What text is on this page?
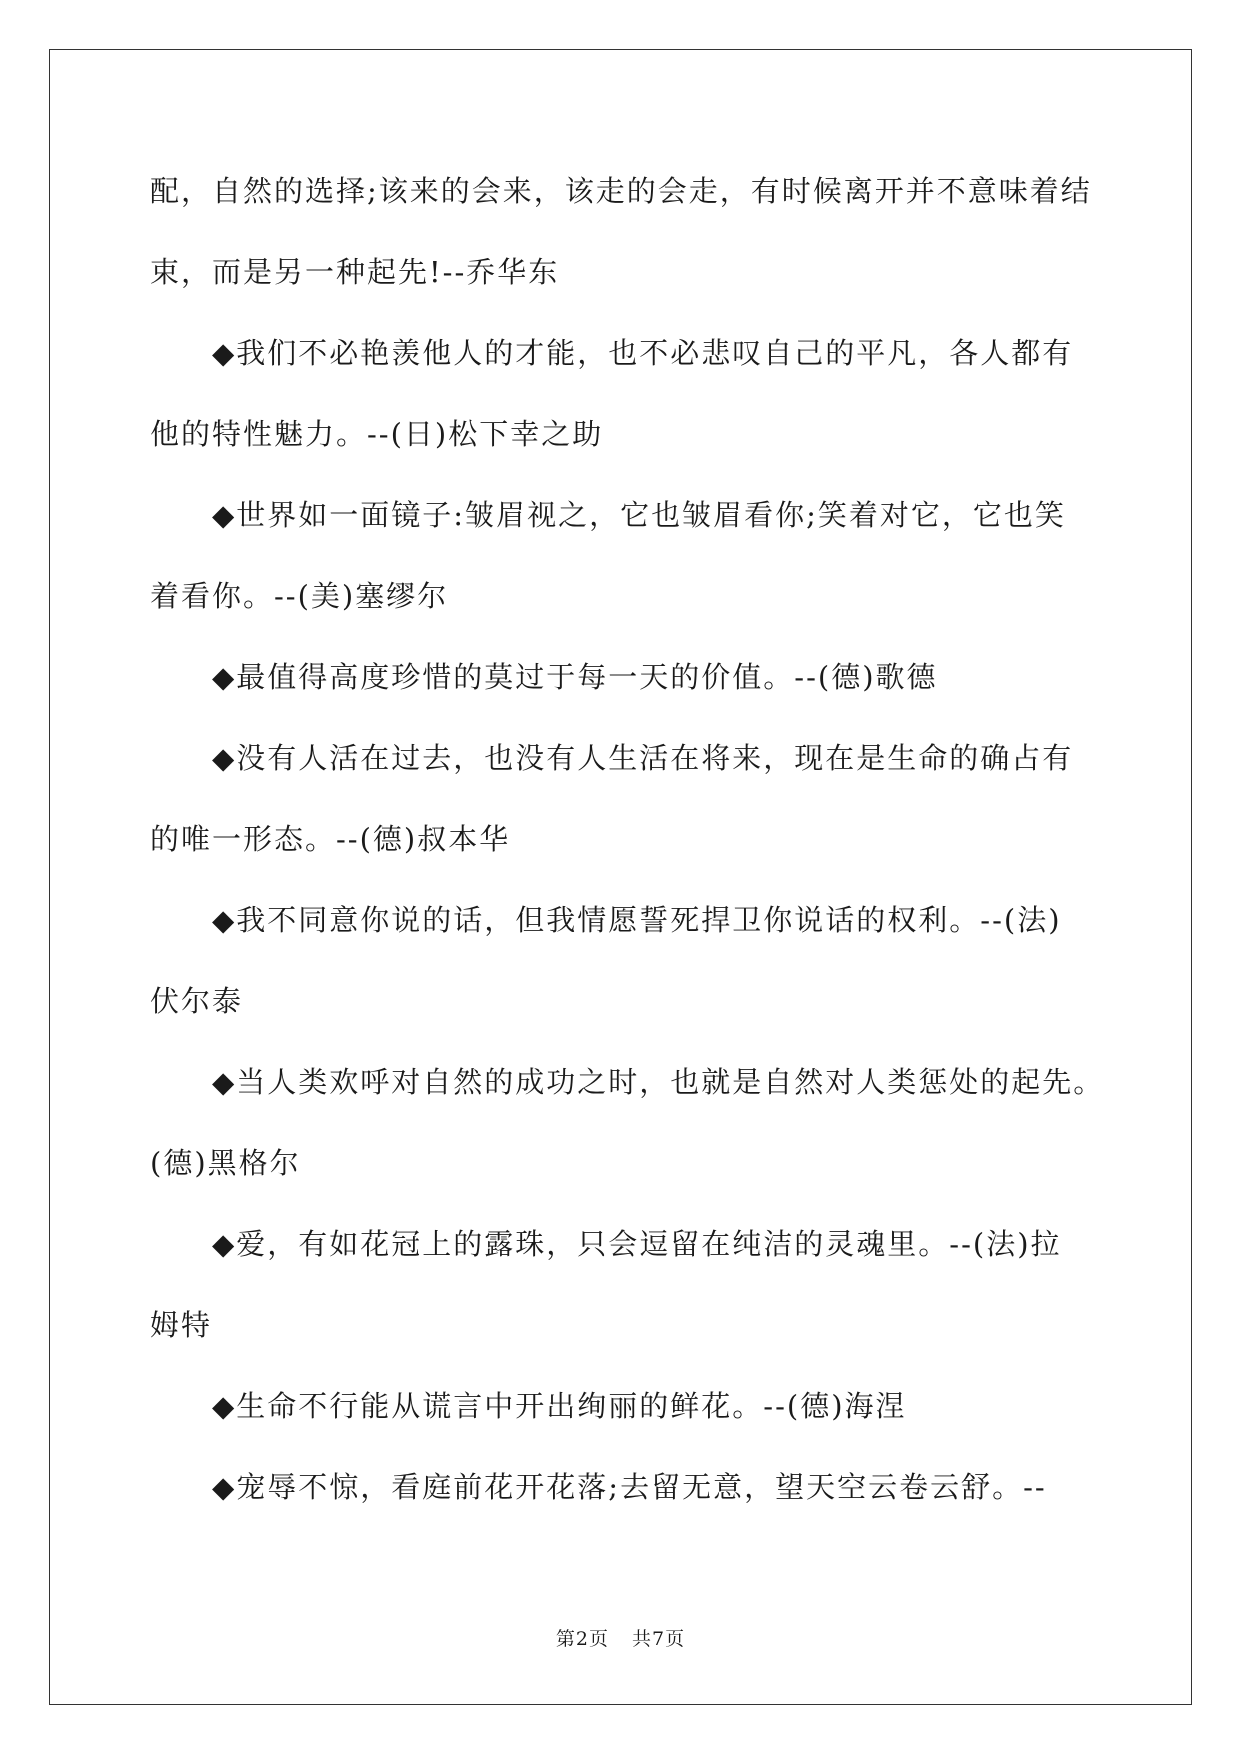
配，自然的选择;该来的会来，该走的会走，有时候离开并不意味着结
束，而是另一种起先!--乔华东
◆我们不必艳羡他人的才能，也不必悲叹自己的平凡，各人都有
他的特性魅力。--(日)松下幸之助
◆世界如一面镜子:皱眉视之，它也皱眉看你;笑着对它，它也笑
着看你。--(美)塞缪尔
◆最值得高度珍惜的莫过于每一天的价值。--(德)歌德
◆没有人活在过去，也没有人生活在将来，现在是生命的确占有
的唯一形态。--(德)叔本华
◆我不同意你说的话，但我情愿誓死捍卫你说话的权利。--(法)
伏尔泰
◆当人类欢呼对自然的成功之时，也就是自然对人类惩处的起先。
(德)黑格尔
◆爱，有如花冠上的露珠，只会逗留在纯洁的灵魂里。--(法)拉
姆特
◆生命不行能从谎言中开出绚丽的鲜花。--(德)海涅
◆宠辱不惊，看庭前花开花落;去留无意，望天空云卷云舒。--
第2页 共7页
